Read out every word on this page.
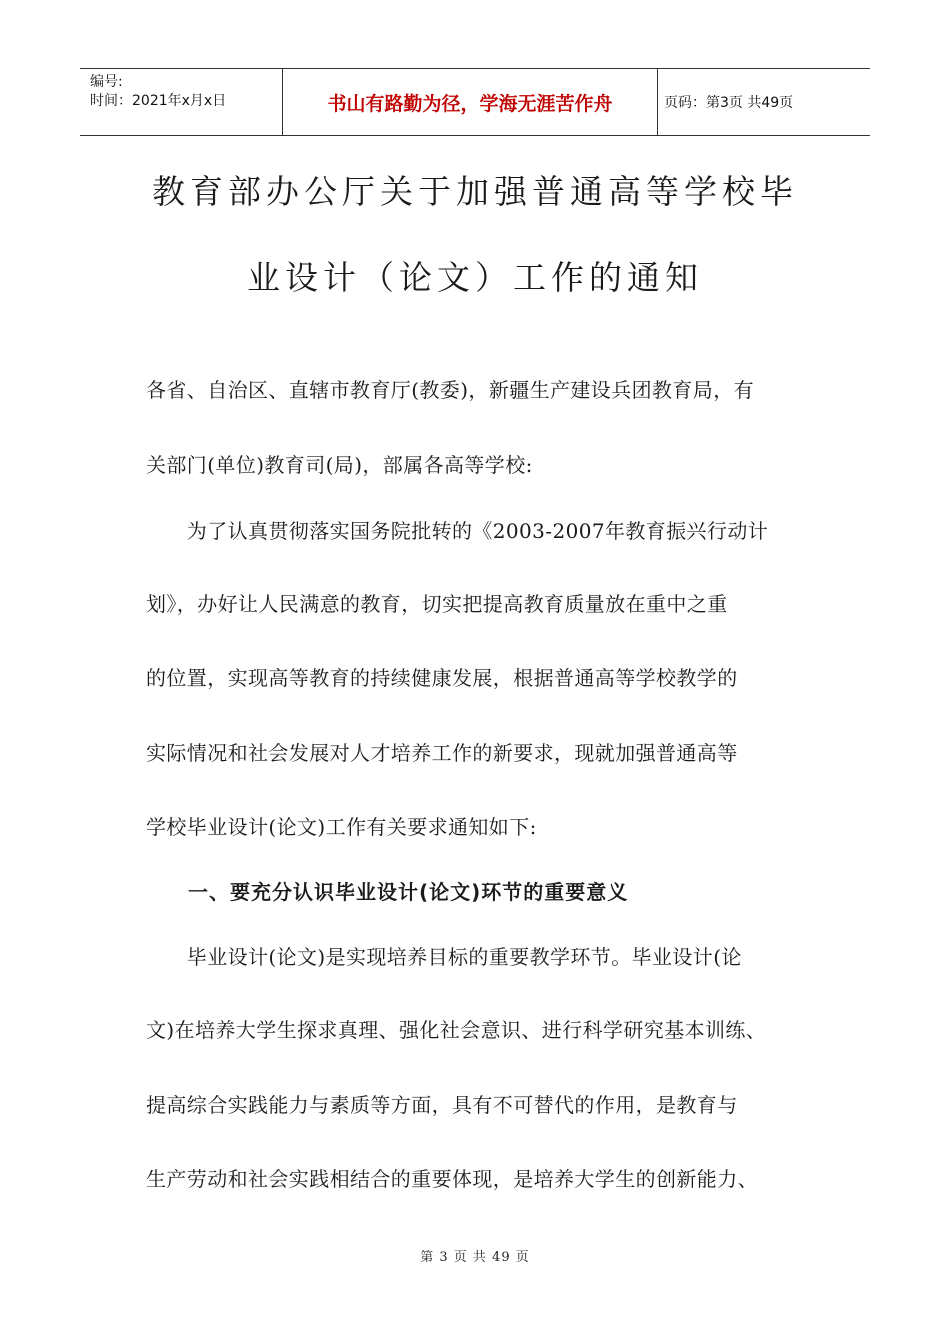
编号:
时间：2021年x月x日	书山有路勤为径，学海无涯苦作舟	页码：第3页 共49页
教育部办公厅关于加强普通高等学校毕
业设计（论文）工作的通知
各省、自治区、直辖市教育厅(教委)，新疆生产建设兵团教育局，有
关部门(单位)教育司(局)，部属各高等学校:
　　为了认真贯彻落实国务院批转的《2003-2007年教育振兴行动计
划》，办好让人民满意的教育，切实把提高教育质量放在重中之重
的位置，实现高等教育的持续健康发展，根据普通高等学校教学的
实际情况和社会发展对人才培养工作的新要求，现就加强普通高等
学校毕业设计(论文)工作有关要求通知如下:
　　一、要充分认识毕业设计(论文)环节的重要意义
　　毕业设计(论文)是实现培养目标的重要教学环节。毕业设计(论
文)在培养大学生探求真理、强化社会意识、进行科学研究基本训练、
提高综合实践能力与素质等方面，具有不可替代的作用，是教育与
生产劳动和社会实践相结合的重要体现，是培养大学生的创新能力、
第 3 页 共 49 页
